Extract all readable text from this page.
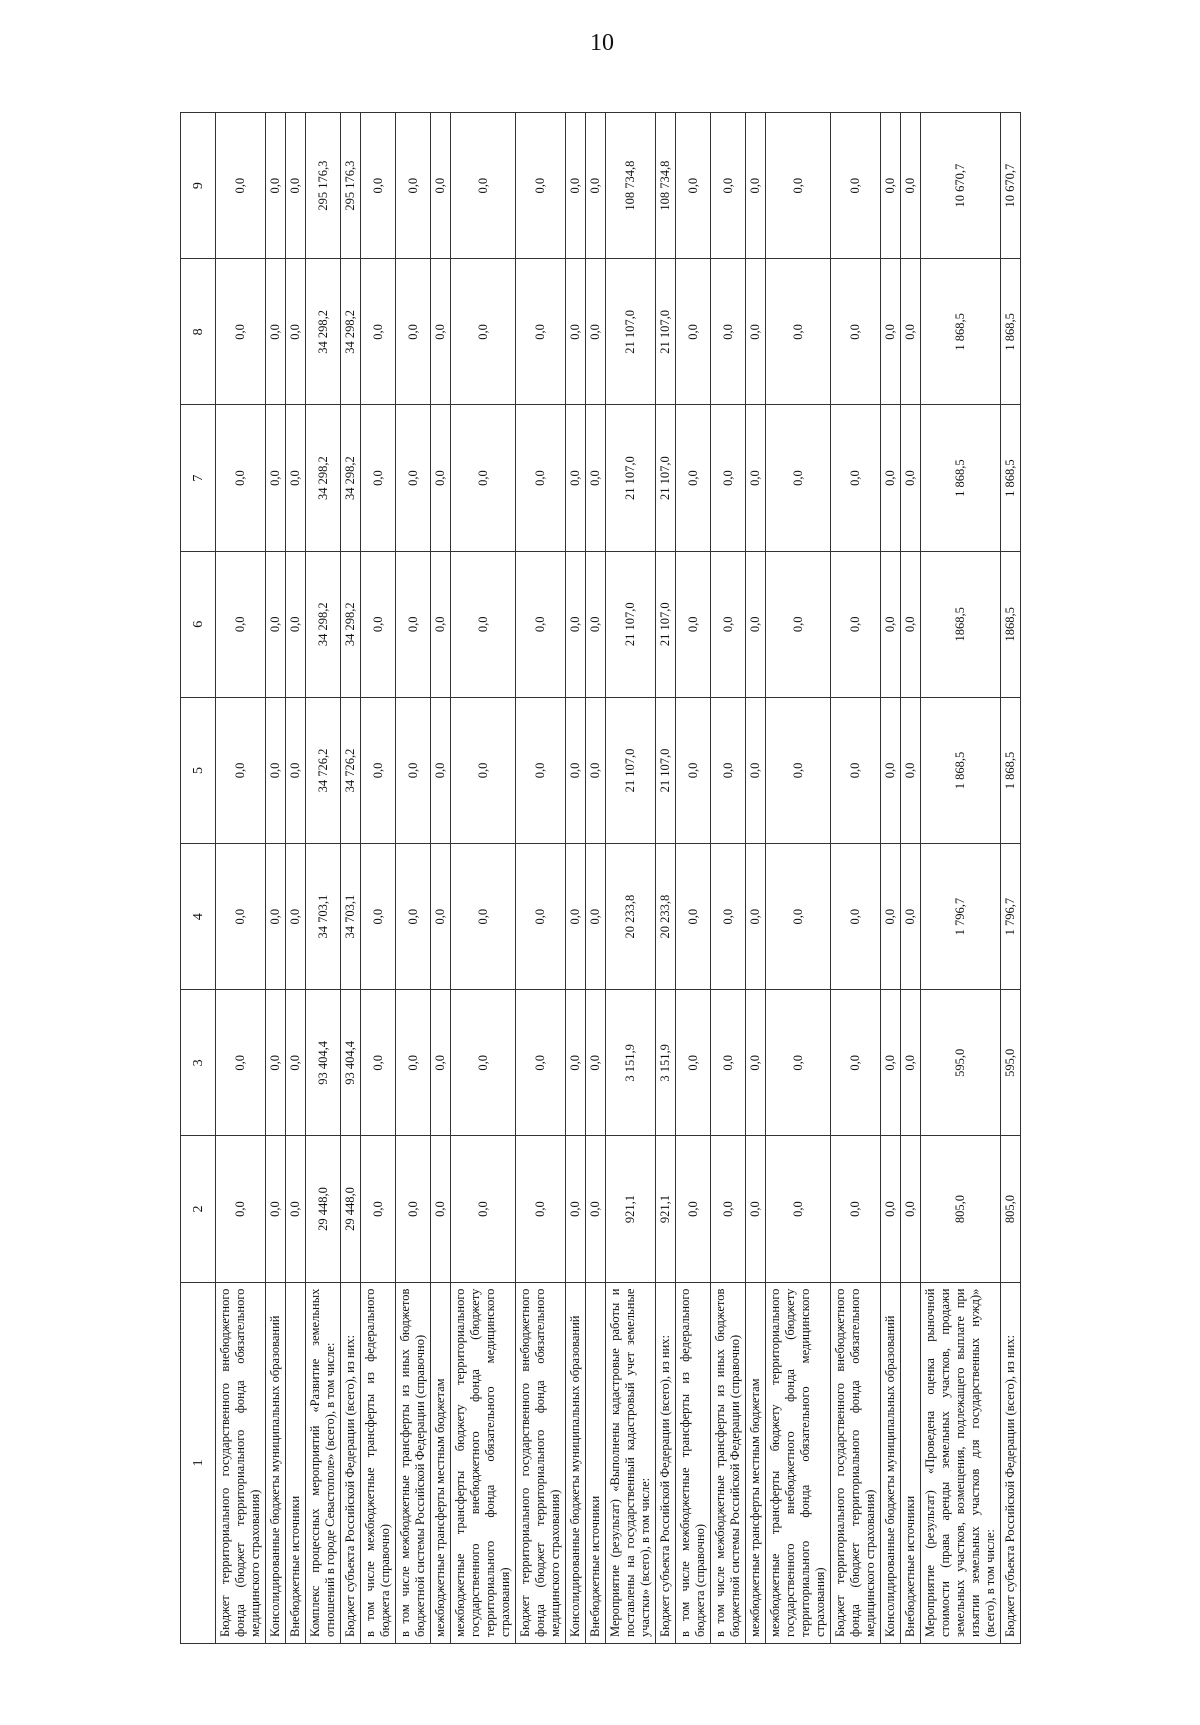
10
1	2	3	4	5	6	7	8	9
Бюджет территориального государственного внебюджетного фонда (бюджет территориального фонда обязательного медицинского страхования)	0,0	0,0	0,0	0,0	0,0	0,0	0,0	0,0
Консолидированные бюджеты муниципальных образований	0,0	0,0	0,0	0,0	0,0	0,0	0,0	0,0
Внебюджетные источники	0,0	0,0	0,0	0,0	0,0	0,0	0,0	0,0
Комплекс процессных мероприятий «Развитие земельных отношений в городе Севастополе» (всего), в том числе:	29 448,0	93 404,4	34 703,1	34 726,2	34 298,2	34 298,2	34 298,2	295 176,3
Бюджет субъекта Российской Федерации (всего), из них:	29 448,0	93 404,4	34 703,1	34 726,2	34 298,2	34 298,2	34 298,2	295 176,3
в том числе межбюджетные трансферты из федерального бюджета (справочно)	0,0	0,0	0,0	0,0	0,0	0,0	0,0	0,0
в том числе межбюджетные трансферты из иных бюджетов бюджетной системы Российской Федерации (справочно)	0,0	0,0	0,0	0,0	0,0	0,0	0,0	0,0
межбюджетные трансферты местным бюджетам	0,0	0,0	0,0	0,0	0,0	0,0	0,0	0,0
межбюджетные трансферты бюджету территориального государственного внебюджетного фонда (бюджету территориального фонда обязательного медицинского страхования)	0,0	0,0	0,0	0,0	0,0	0,0	0,0	0,0
Бюджет территориального государственного внебюджетного фонда (бюджет территориального фонда обязательного медицинского страхования)	0,0	0,0	0,0	0,0	0,0	0,0	0,0	0,0
Консолидированные бюджеты муниципальных образований	0,0	0,0	0,0	0,0	0,0	0,0	0,0	0,0
Внебюджетные источники	0,0	0,0	0,0	0,0	0,0	0,0	0,0	0,0
Мероприятие (результат) «Выполнены кадастровые работы и поставлены на государственный кадастровый учет земельные участки» (всего), в том числе:	921,1	3 151,9	20 233,8	21 107,0	21 107,0	21 107,0	21 107,0	108 734,8
Бюджет субъекта Российской Федерации (всего), из них:	921,1	3 151,9	20 233,8	21 107,0	21 107,0	21 107,0	21 107,0	108 734,8
в том числе межбюджетные трансферты из федерального бюджета (справочно)	0,0	0,0	0,0	0,0	0,0	0,0	0,0	0,0
в том числе межбюджетные трансферты из иных бюджетов бюджетной системы Российской Федерации (справочно)	0,0	0,0	0,0	0,0	0,0	0,0	0,0	0,0
межбюджетные трансферты местным бюджетам	0,0	0,0	0,0	0,0	0,0	0,0	0,0	0,0
межбюджетные трансферты бюджету территориального государственного внебюджетного фонда (бюджету территориального фонда обязательного медицинского страхования)	0,0	0,0	0,0	0,0	0,0	0,0	0,0	0,0
Бюджет территориального государственного внебюджетного фонда (бюджет территориального фонда обязательного медицинского страхования)	0,0	0,0	0,0	0,0	0,0	0,0	0,0	0,0
Консолидированные бюджеты муниципальных образований	0,0	0,0	0,0	0,0	0,0	0,0	0,0	0,0
Внебюджетные источники	0,0	0,0	0,0	0,0	0,0	0,0	0,0	0,0
Мероприятие (результат) «Проведена оценка рыночной стоимости (права аренды земельных участков, продажи земельных участков, возмещения, подлежащего выплате при изъятии земельных участков для государственных нужд)» (всего), в том числе:	805,0	595,0	1 796,7	1 868,5	1868,5	1 868,5	1 868,5	10 670,7
Бюджет субъекта Российской Федерации (всего), из них:	805,0	595,0	1 796,7	1 868,5	1868,5	1 868,5	1 868,5	10 670,7
